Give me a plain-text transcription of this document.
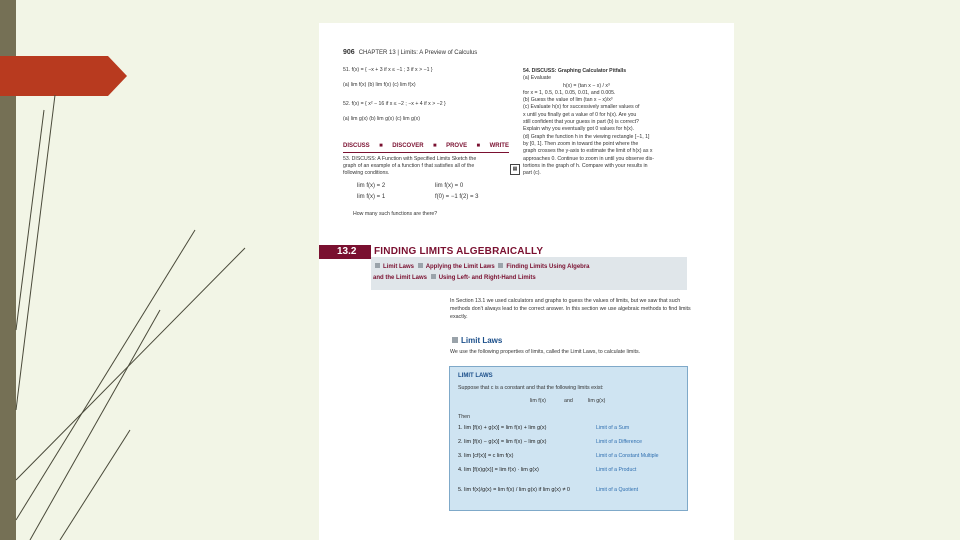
906 CHAPTER 13 | Limits: A Preview of Calculus
51. f(x) = { −x + 3 if x ≤ −1 ; 3 if x > −1 }
(a) lim f(x) (b) lim f(x) (c) lim f(x)
52. f(x) = { x² − 16 if x ≤ −2 ; −x + 4 if x > −2 }
(a) lim g(x) (b) lim g(x) (c) lim g(x)
DISCUSS ■ DISCOVER ■ PROVE ■ WRITE
53. DISCUSS: A Function with Specified Limits Sketch the
graph of an example of a function f that satisfies all of the
following conditions.
lim f(x) = 2	lim f(x) = 0
lim f(x) = 1	f(0) = −1 f(2) = 3
How many such functions are there?
▦
54. DISCUSS: Graphing Calculator Pitfalls
(a) Evaluate
h(x) = (tan x − x) / x³
for x = 1, 0.5, 0.1, 0.05, 0.01, and 0.005.
(b) Guess the value of lim (tan x − x)/x³
(c) Evaluate h(x) for successively smaller values of
x until you finally get a value of 0 for h(x). Are you
still confident that your guess in part (b) is correct?
Explain why you eventually got 0 values for h(x).
(d) Graph the function h in the viewing rectangle [−1, 1]
by [0, 1]. Then zoom in toward the point where the
graph crosses the y-axis to estimate the limit of h(x) as x
approaches 0. Continue to zoom in until you observe dis-
tortions in the graph of h. Compare with your results in
part (c).
13.2	FINDING LIMITS ALGEBRAICALLY
Limit Laws Applying the Limit Laws Finding Limits Using Algebra
and the Limit Laws Using Left- and Right-Hand Limits
In Section 13.1 we used calculators and graphs to guess the values of limits, but we saw that such methods don't always lead to the correct answer. In this section we use algebraic methods to find limits exactly.
Limit Laws
We use the following properties of limits, called the Limit Laws, to calculate limits.
LIMIT LAWS
Suppose that c is a constant and that the following limits exist:
lim f(x)	and	lim g(x)
Then
1. lim [f(x) + g(x)] = lim f(x) + lim g(x)	Limit of a Sum
2. lim [f(x) − g(x)] = lim f(x) − lim g(x)	Limit of a Difference
3. lim [cf(x)] = c lim f(x)	Limit of a Constant Multiple
4. lim [f(x)g(x)] = lim f(x) · lim g(x)	Limit of a Product
5. lim f(x)/g(x) = lim f(x) / lim g(x) if lim g(x) ≠ 0	Limit of a Quotient
